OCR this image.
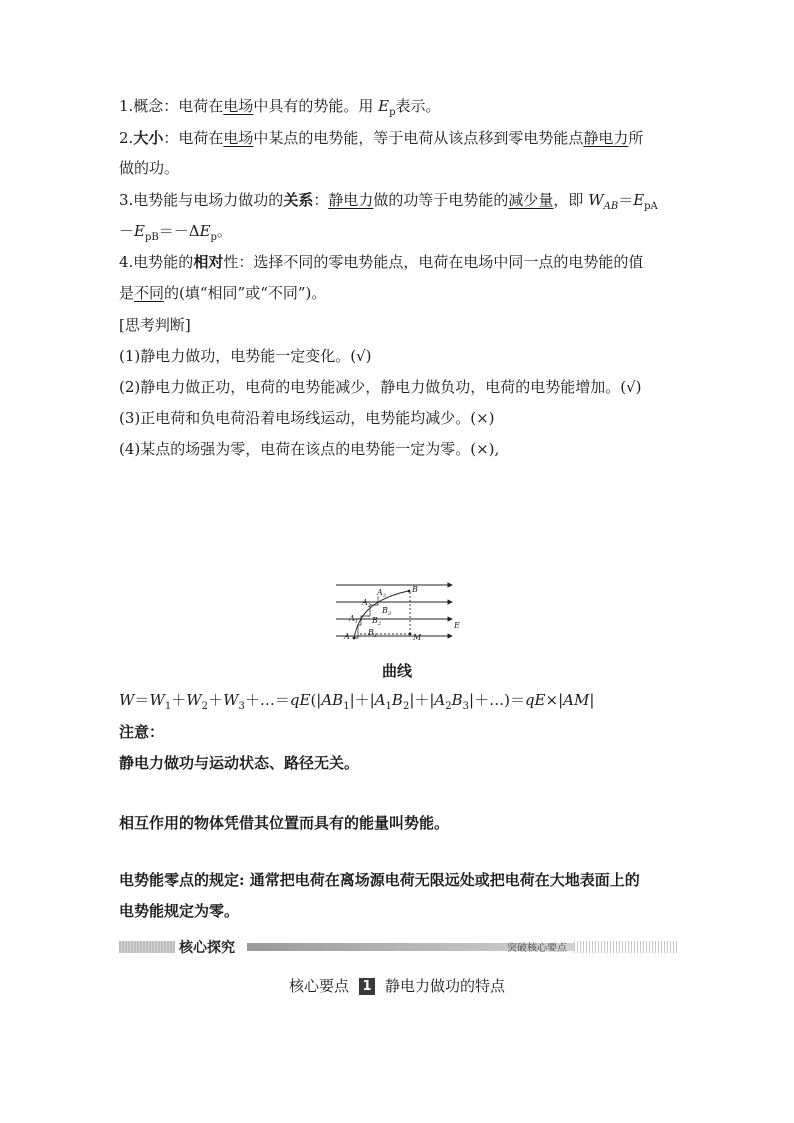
1.概念：电荷在电场中具有的势能。用 $E_p$表示。
2.大小：电荷在电场中某点的电势能，等于电荷从该点移到零电势能点静电力所
做的功。
3.电势能与电场力做功的关系：静电力做的功等于电势能的减少量，即 $W_{AB}=E_{pA}$
$-E_{pB}=-\Delta E_p$。
4.电势能的相对性：选择不同的零电势能点，电荷在电场中同一点的电势能的值
是不同的(填“相同”或“不同”)。
[思考判断]
(1)静电力做功，电势能一定变化。(√)
(2)静电力做正功，电荷的电势能减少，静电力做负功，电荷的电势能增加。(√)
(3)正电荷和负电荷沿着电场线运动，电势能均减少。(×)
(4)某点的场强为零，电荷在该点的电势能一定为零。(×),
A
$A_1$
$A_2$
$A_3$
B
$B_1$
$B_2$
$B_3$
M
E
曲线
$W=W_1+W_2+W_3+\dots=qE(|AB_1|+|A_1B_2|+|A_2B_3|+\dots)=qE\times|AM|$
注意：
静电力做功与运动状态、路径无关。
相互作用的物体凭借其位置而具有的能量叫势能。
电势能零点的规定: 通常把电荷在离场源电荷无限远处或把电荷在大地表面上的
电势能规定为零。
核心探究	突破核心要点
核心要点 1 静电力做功的特点
